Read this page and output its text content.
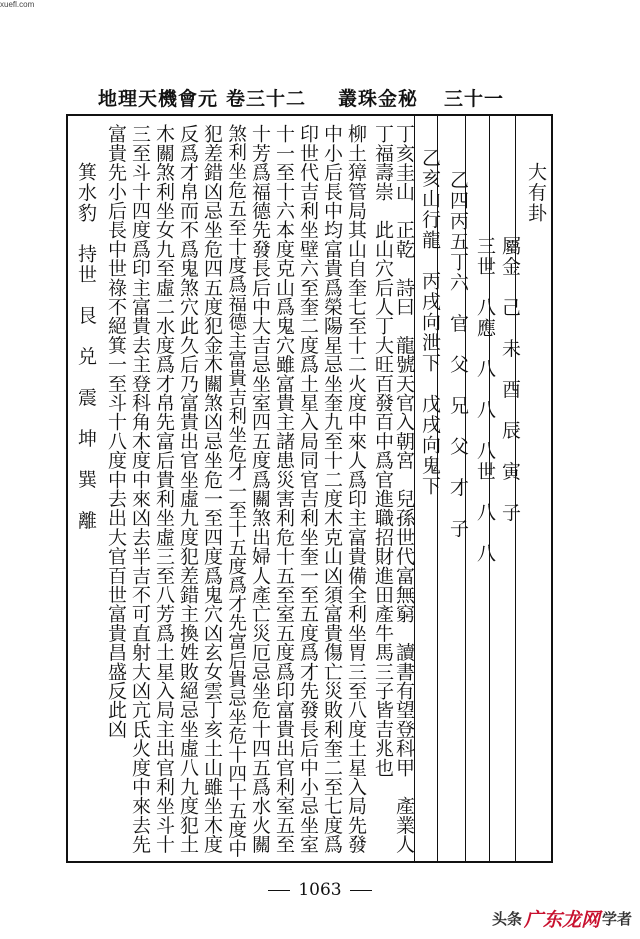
xuefl.com
地理天機會元 卷三十二 叢珠金秘 三十一
大有卦
屬金　己　未　酉　辰　寅　子
三世　八應　八　八　八世　八　八
乙四丙五丁六　官　父　兄　父　才　子
乙亥山行龍　丙戌向泄下　戊戌向鬼下
丁亥圭山　正乾　詩曰　龍號天官入朝宮　兒孫世代富無窮　讀書有望登科甲　產業人
丁福壽崇　此山穴后人丁大旺百發百中爲官進職招財進田產牛馬三子皆吉兆也
柳土獐管局其山自奎七至十二火度中來人爲印主富貴備全利坐胃三至八度土星入局先發
中小后長中均富貴爲榮陽星忌坐奎九至十二度木克山凶須富貴傷亡災敗利奎二至七度爲
印世代吉利坐壁六至奎二度爲土星入局同官吉利坐奎一至五度爲才先發長后中小忌坐室
十一至十六本度克山爲鬼穴雖富貴主諸患災害利危十五至室五度爲印富貴出官利室五至
十芳爲福德先發長后中大吉忌坐室四五度爲關煞出婦人產亡災厄忌坐危十四五爲水火關
煞利坐危五至十度爲福德主富貴吉利坐危才一至十五度爲才先富后貴忌坐危十四十五度中
犯差錯凶忌坐危四五度犯金木關煞凶忌坐危一至四度爲鬼穴凶玄女雲丁亥土山雖坐木度
反爲才帛而不爲鬼煞穴此久后乃富貴出官坐虛九度犯差錯主換姓敗絕忌坐虛八九度犯土
木關煞利坐女九至虛二水度爲才帛先富后貴利坐虛三至八芳爲土星入局主出官利坐斗十
三至斗十四度爲印主富貴去主登科角木度中來凶去半吉不可直射大凶亢氐火度中來去先
富貴先小后長中世祿不絕箕一至斗十八度中去出大官百世富貴昌盛反此凶
箕水豹　持世　艮　兑　震　坤　巽　離
1063
头条 广东龙网 学者
